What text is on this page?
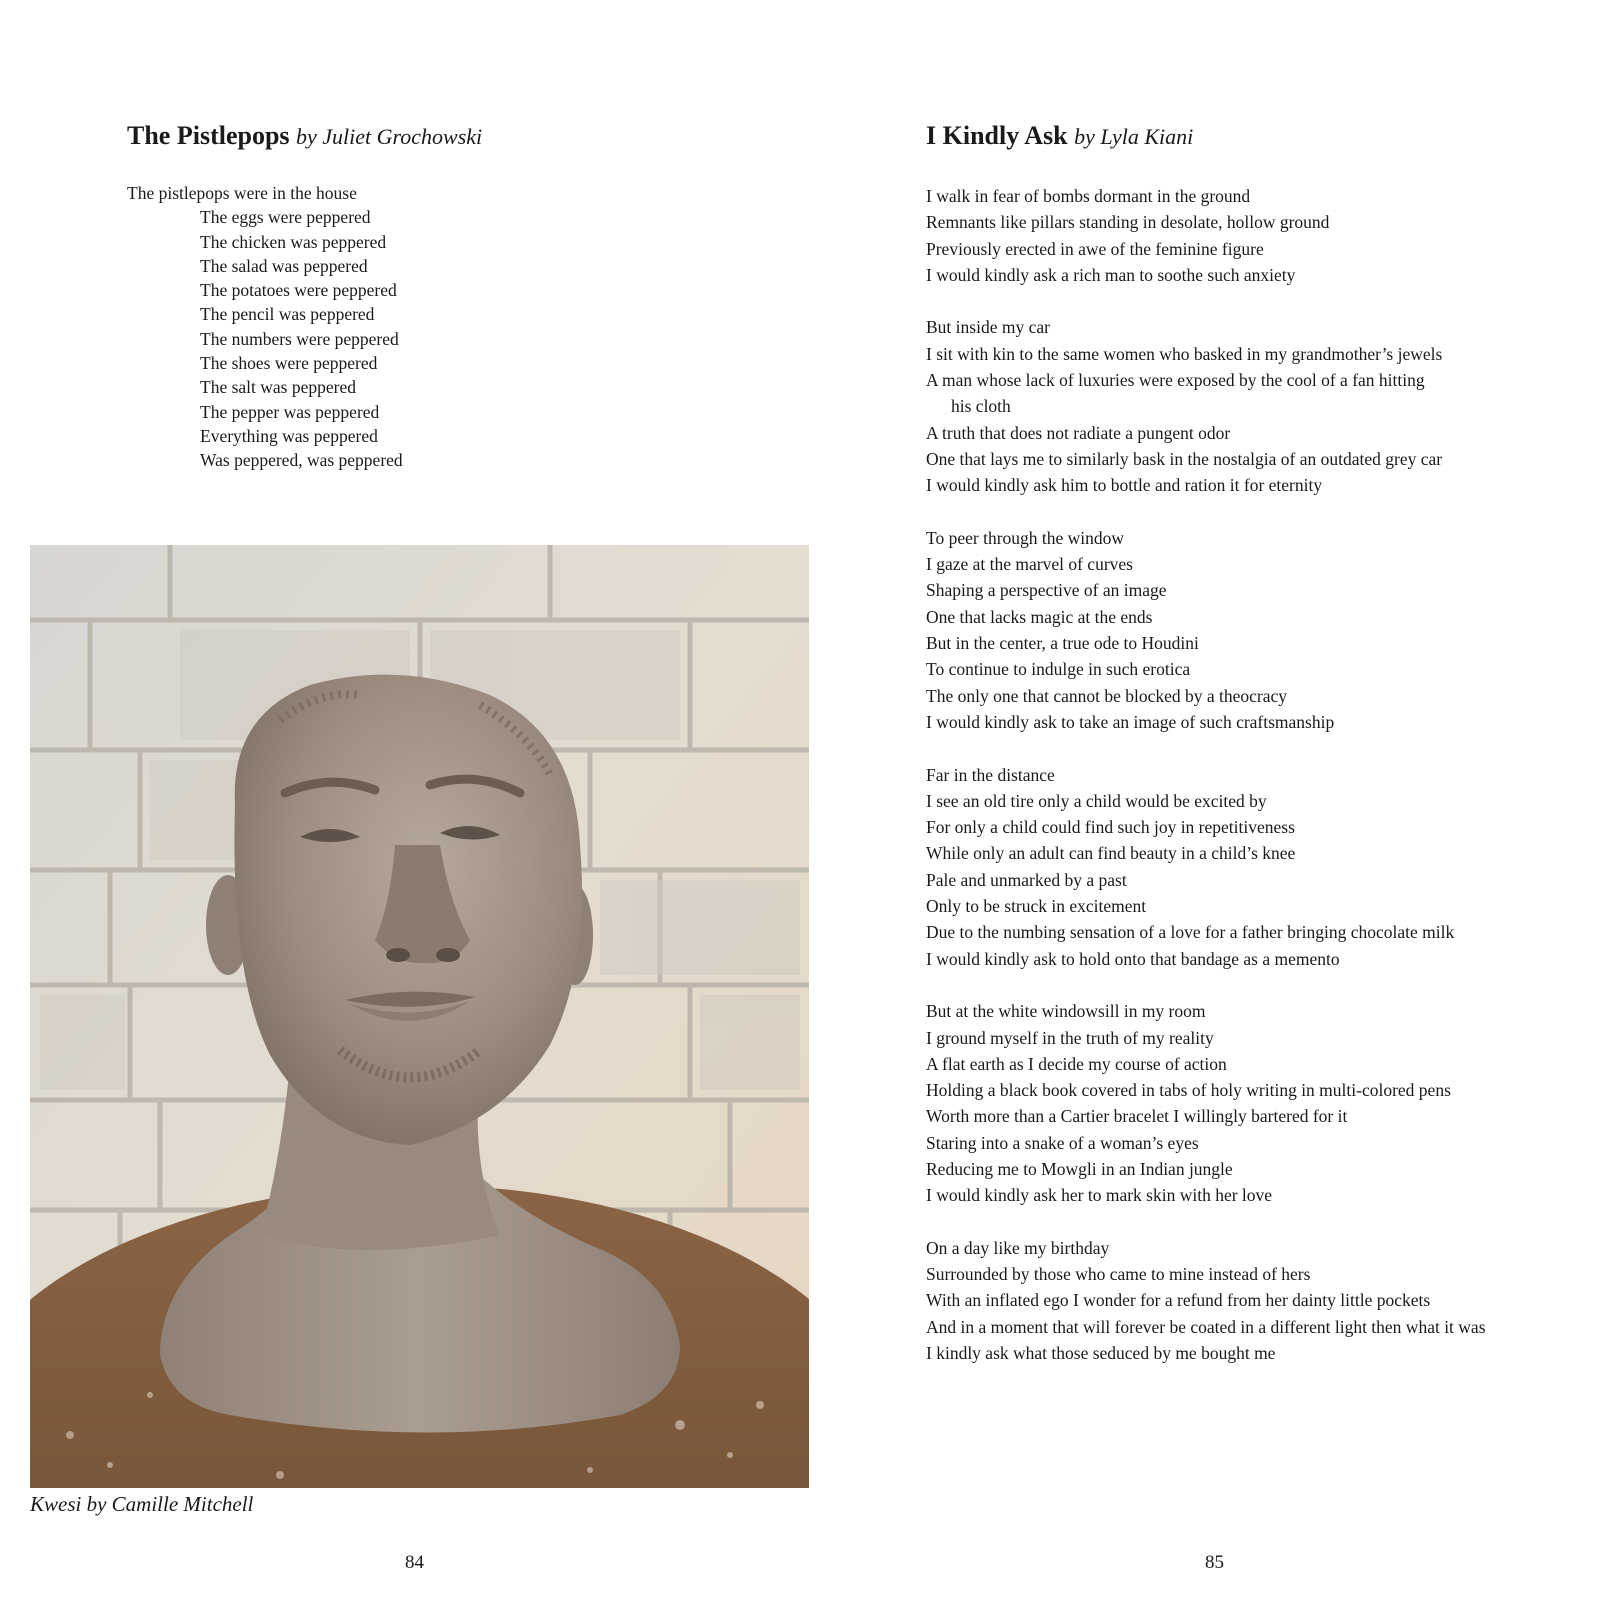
The Pistlepops by Juliet Grochowski
The pistlepops were in the house
The eggs were peppered
The chicken was peppered
The salad was peppered
The potatoes were peppered
The pencil was peppered
The numbers were peppered
The shoes were peppered
The salt was peppered
The pepper was peppered
Everything was peppered
Was peppered, was peppered
Kwesi by Camille Mitchell
84
I Kindly Ask by Lyla Kiani
I walk in fear of bombs dormant in the ground
Remnants like pillars standing in desolate, hollow ground
Previously erected in awe of the feminine figure
I would kindly ask a rich man to soothe such anxiety
But inside my car
I sit with kin to the same women who basked in my grandmother’s jewels
A man whose lack of luxuries were exposed by the cool of a fan hitting
his cloth
A truth that does not radiate a pungent odor
One that lays me to similarly bask in the nostalgia of an outdated grey car
I would kindly ask him to bottle and ration it for eternity
To peer through the window
I gaze at the marvel of curves
Shaping a perspective of an image
One that lacks magic at the ends
But in the center, a true ode to Houdini
To continue to indulge in such erotica
The only one that cannot be blocked by a theocracy
I would kindly ask to take an image of such craftsmanship
Far in the distance
I see an old tire only a child would be excited by
For only a child could find such joy in repetitiveness
While only an adult can find beauty in a child’s knee
Pale and unmarked by a past
Only to be struck in excitement
Due to the numbing sensation of a love for a father bringing chocolate milk
I would kindly ask to hold onto that bandage as a memento
But at the white windowsill in my room
I ground myself in the truth of my reality
A flat earth as I decide my course of action
Holding a black book covered in tabs of holy writing in multi-colored pens
Worth more than a Cartier bracelet I willingly bartered for it
Staring into a snake of a woman’s eyes
Reducing me to Mowgli in an Indian jungle
I would kindly ask her to mark skin with her love
On a day like my birthday
Surrounded by those who came to mine instead of hers
With an inflated ego I wonder for a refund from her dainty little pockets
And in a moment that will forever be coated in a different light then what it was
I kindly ask what those seduced by me bought me
85
